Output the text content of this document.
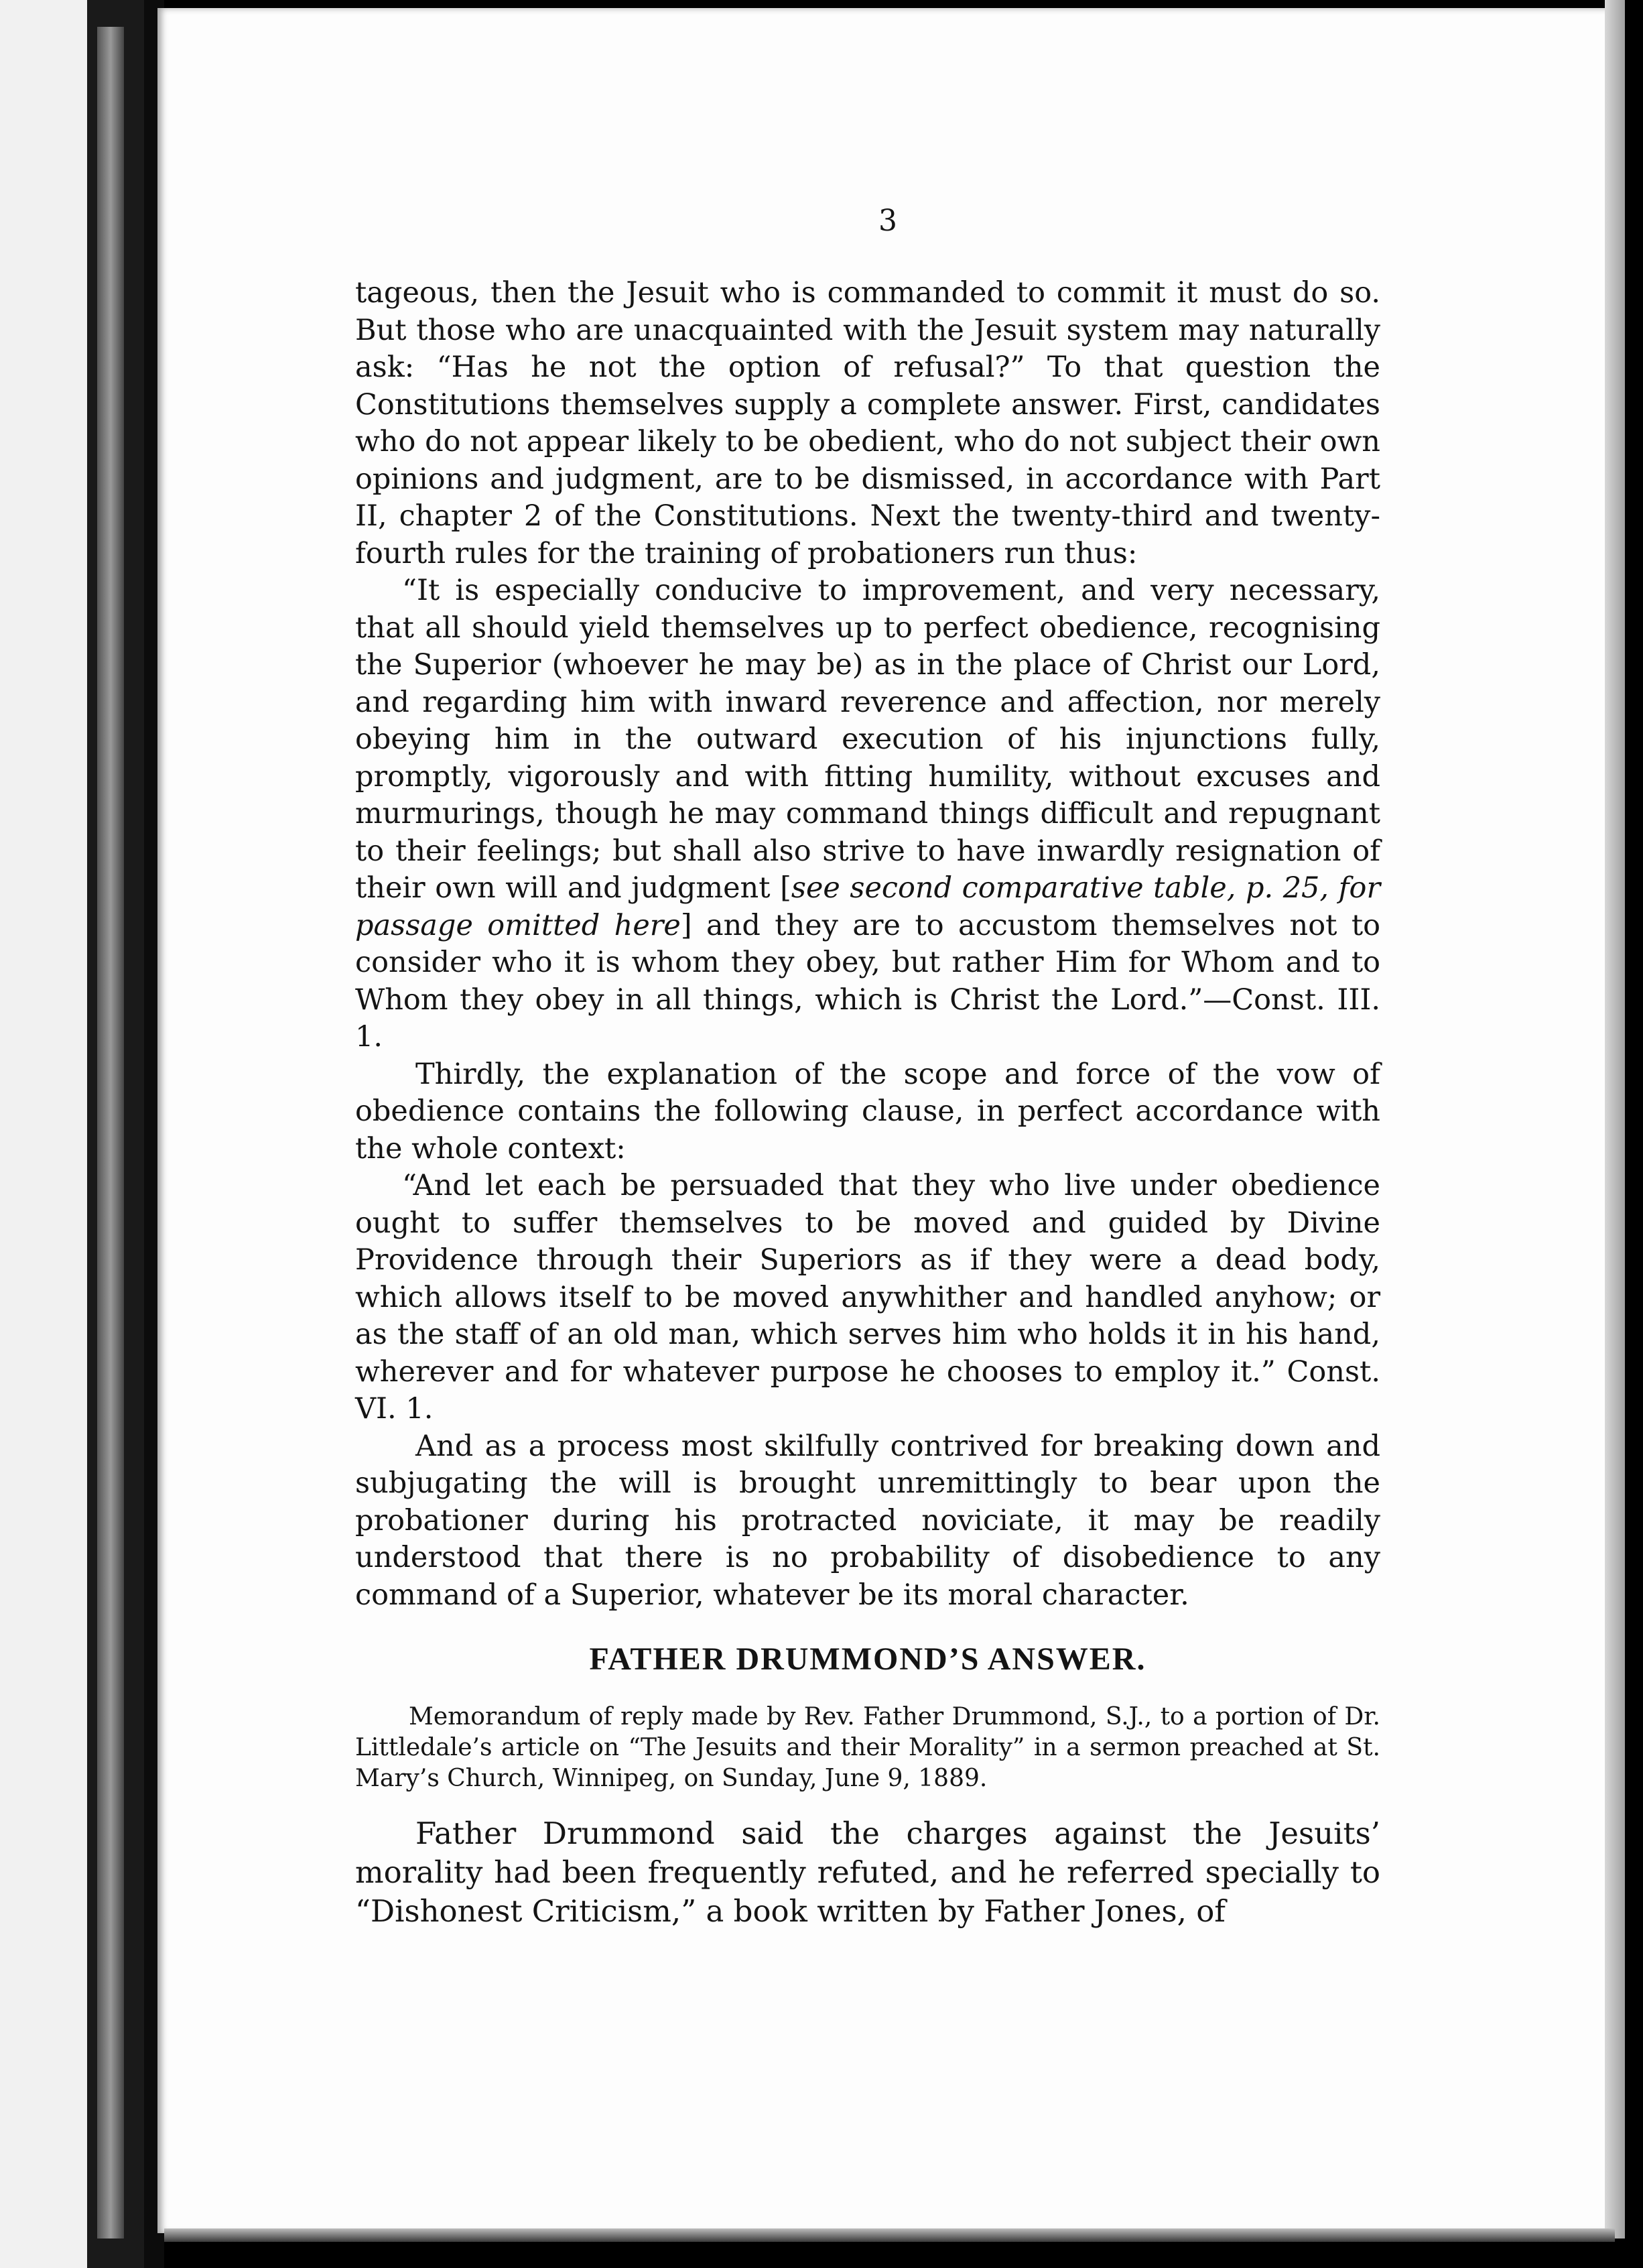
3

tageous, then the Jesuit who is commanded to commit it must do so. But those who are unacquainted with the Jesuit system may naturally ask: “Has he not the option of refusal?” To that question the Constitutions themselves supply a complete answer. First, candidates who do not appear likely to be obedient, who do not subject their own opinions and judgment, are to be dismissed, in accordance with Part II, chapter 2 of the Constitutions. Next the twenty-third and twenty-fourth rules for the training of probationers run thus:

“It is especially conducive to improvement, and very necessary, that all should yield themselves up to perfect obedience, recognising the Superior (whoever he may be) as in the place of Christ our Lord, and regarding him with inward reverence and affection, nor merely obeying him in the outward execution of his injunctions fully, promptly, vigorously and with fitting humility, without excuses and murmurings, though he may command things difficult and repugnant to their feelings; but shall also strive to have inwardly resignation of their own will and judgment [see second comparative table, p. 25, for passage omitted here] and they are to accustom themselves not to consider who it is whom they obey, but rather Him for Whom and to Whom they obey in all things, which is Christ the Lord.”—Const. III. 1.

Thirdly, the explanation of the scope and force of the vow of obedience contains the following clause, in perfect accordance with the whole context:

“And let each be persuaded that they who live under obedience ought to suffer themselves to be moved and guided by Divine Providence through their Superiors as if they were a dead body, which allows itself to be moved anywhither and handled anyhow; or as the staff of an old man, which serves him who holds it in his hand, wherever and for whatever purpose he chooses to employ it.” Const. VI. 1.

And as a process most skilfully contrived for breaking down and subjugating the will is brought unremittingly to bear upon the probationer during his protracted noviciate, it may be readily understood that there is no probability of disobedience to any command of a Superior, whatever be its moral character.

FATHER DRUMMOND’S ANSWER.

Memorandum of reply made by Rev. Father Drummond, S.J., to a portion of Dr. Littledale’s article on “The Jesuits and their Morality” in a sermon preached at St. Mary’s Church, Winnipeg, on Sunday, June 9, 1889.

Father Drummond said the charges against the Jesuits’ morality had been frequently refuted, and he referred specially to “Dishonest Criticism,” a book written by Father Jones, of
